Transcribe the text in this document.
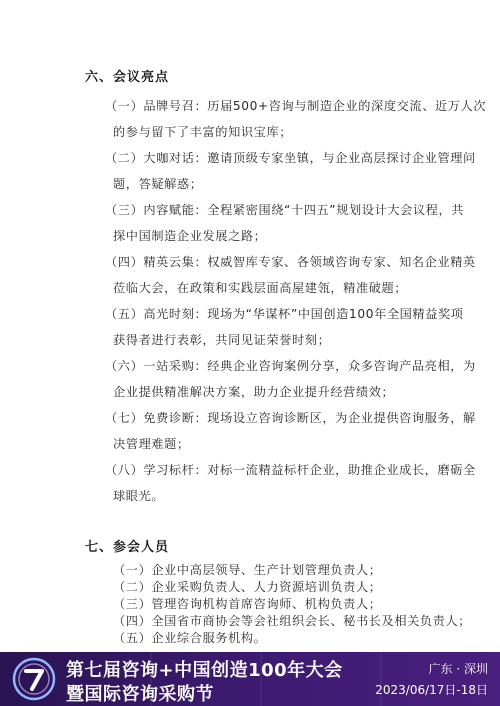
六、会议亮点
（一）品牌号召：历届500+咨询与制造企业的深度交流、近万人次
的参与留下了丰富的知识宝库；
（二）大咖对话：邀请顶级专家坐镇，与企业高层探讨企业管理问
题，答疑解惑；
（三）内容赋能：全程紧密围绕“十四五”规划设计大会议程，共
探中国制造企业发展之路；
（四）精英云集：权威智库专家、各领域咨询专家、知名企业精英
莅临大会，在政策和实践层面高屋建瓴，精准破题；
（五）高光时刻：现场为“华谋杯”中国创造100年全国精益奖项
获得者进行表彰，共同见证荣誉时刻；
（六）一站采购：经典企业咨询案例分享，众多咨询产品亮相，为
企业提供精准解决方案，助力企业提升经营绩效；
（七）免费诊断：现场设立咨询诊断区，为企业提供咨询服务，解
决管理难题；
（八）学习标杆：对标一流精益标杆企业，助推企业成长，磨砺全
球眼光。
七、参会人员
（一）企业中高层领导、生产计划管理负责人；
（二）企业采购负责人、人力资源培训负责人；
（三）管理咨询机构首席咨询师、机构负责人；
（四）全国省市商协会等会社组织会长、秘书长及相关负责人；
（五）企业综合服务机构。
第七届咨询+中国创造100年大会
暨国际咨询采购节
广东 · 深圳
2023/06/17日-18日
